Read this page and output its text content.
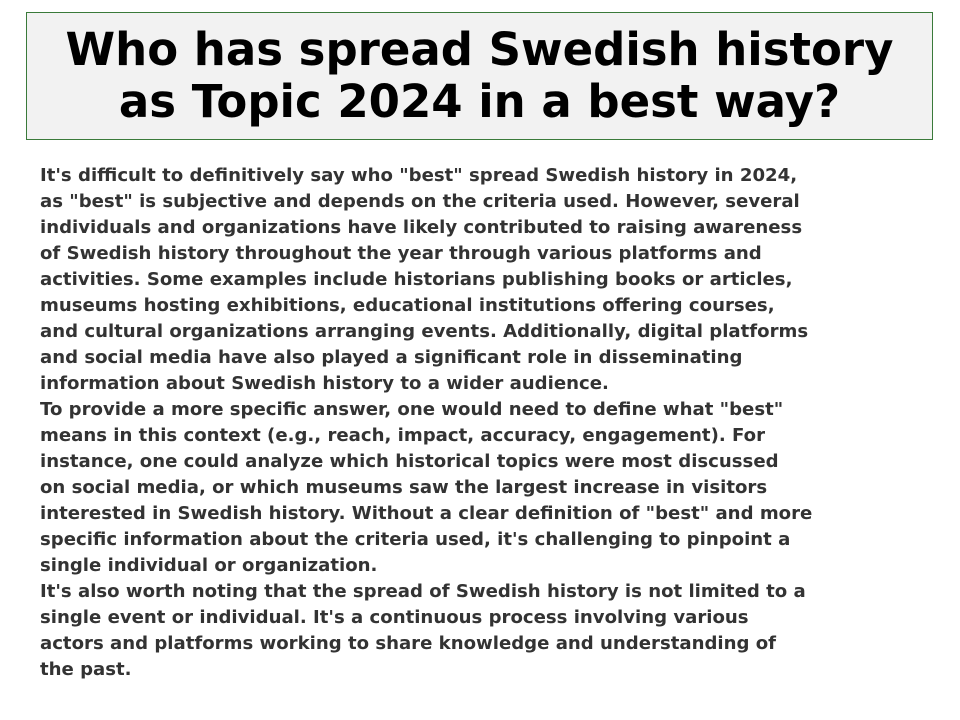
Who has spread Swedish history
as Topic 2024 in a best way?

It's difficult to definitively say who "best" spread Swedish history in 2024,
as "best" is subjective and depends on the criteria used. However, several
individuals and organizations have likely contributed to raising awareness
of Swedish history throughout the year through various platforms and
activities. Some examples include historians publishing books or articles,
museums hosting exhibitions, educational institutions offering courses,
and cultural organizations arranging events. Additionally, digital platforms
and social media have also played a significant role in disseminating
information about Swedish history to a wider audience.

To provide a more specific answer, one would need to define what "best"
means in this context (e.g., reach, impact, accuracy, engagement). For
instance, one could analyze which historical topics were most discussed
on social media, or which museums saw the largest increase in visitors
interested in Swedish history. Without a clear definition of "best" and more
specific information about the criteria used, it's challenging to pinpoint a
single individual or organization.

It's also worth noting that the spread of Swedish history is not limited to a
single event or individual. It's a continuous process involving various
actors and platforms working to share knowledge and understanding of
the past.
